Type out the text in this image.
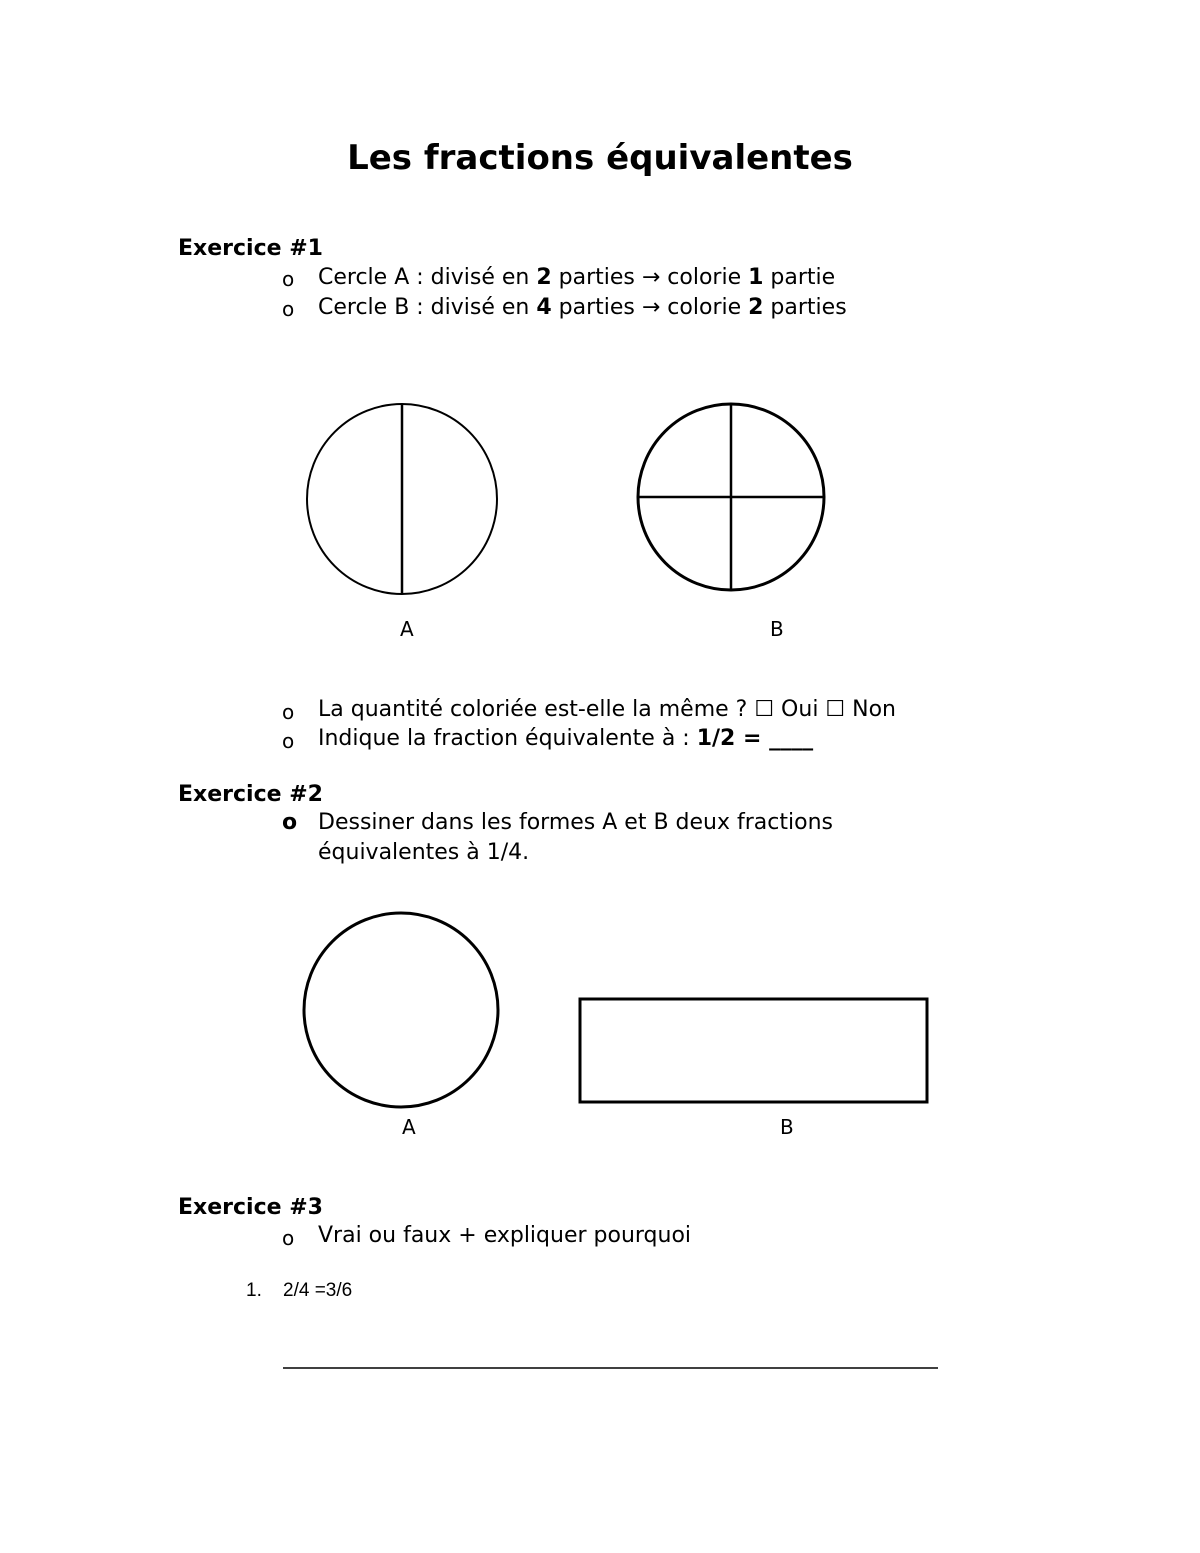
Les fractions équivalentes
Exercice #1
o Cercle A : divisé en 2 parties → colorie 1 partie
o Cercle B : divisé en 4 parties → colorie 2 parties
A	B
o La quantité coloriée est-elle la même ? ☐ Oui ☐ Non
o Indique la fraction équivalente à : 1/2 = ____
Exercice #2
o Dessiner dans les formes A et B deux fractions
équivalentes à 1/4.
A	B
Exercice #3
o Vrai ou faux + expliquer pourquoi
1. 2/4 =3/6
